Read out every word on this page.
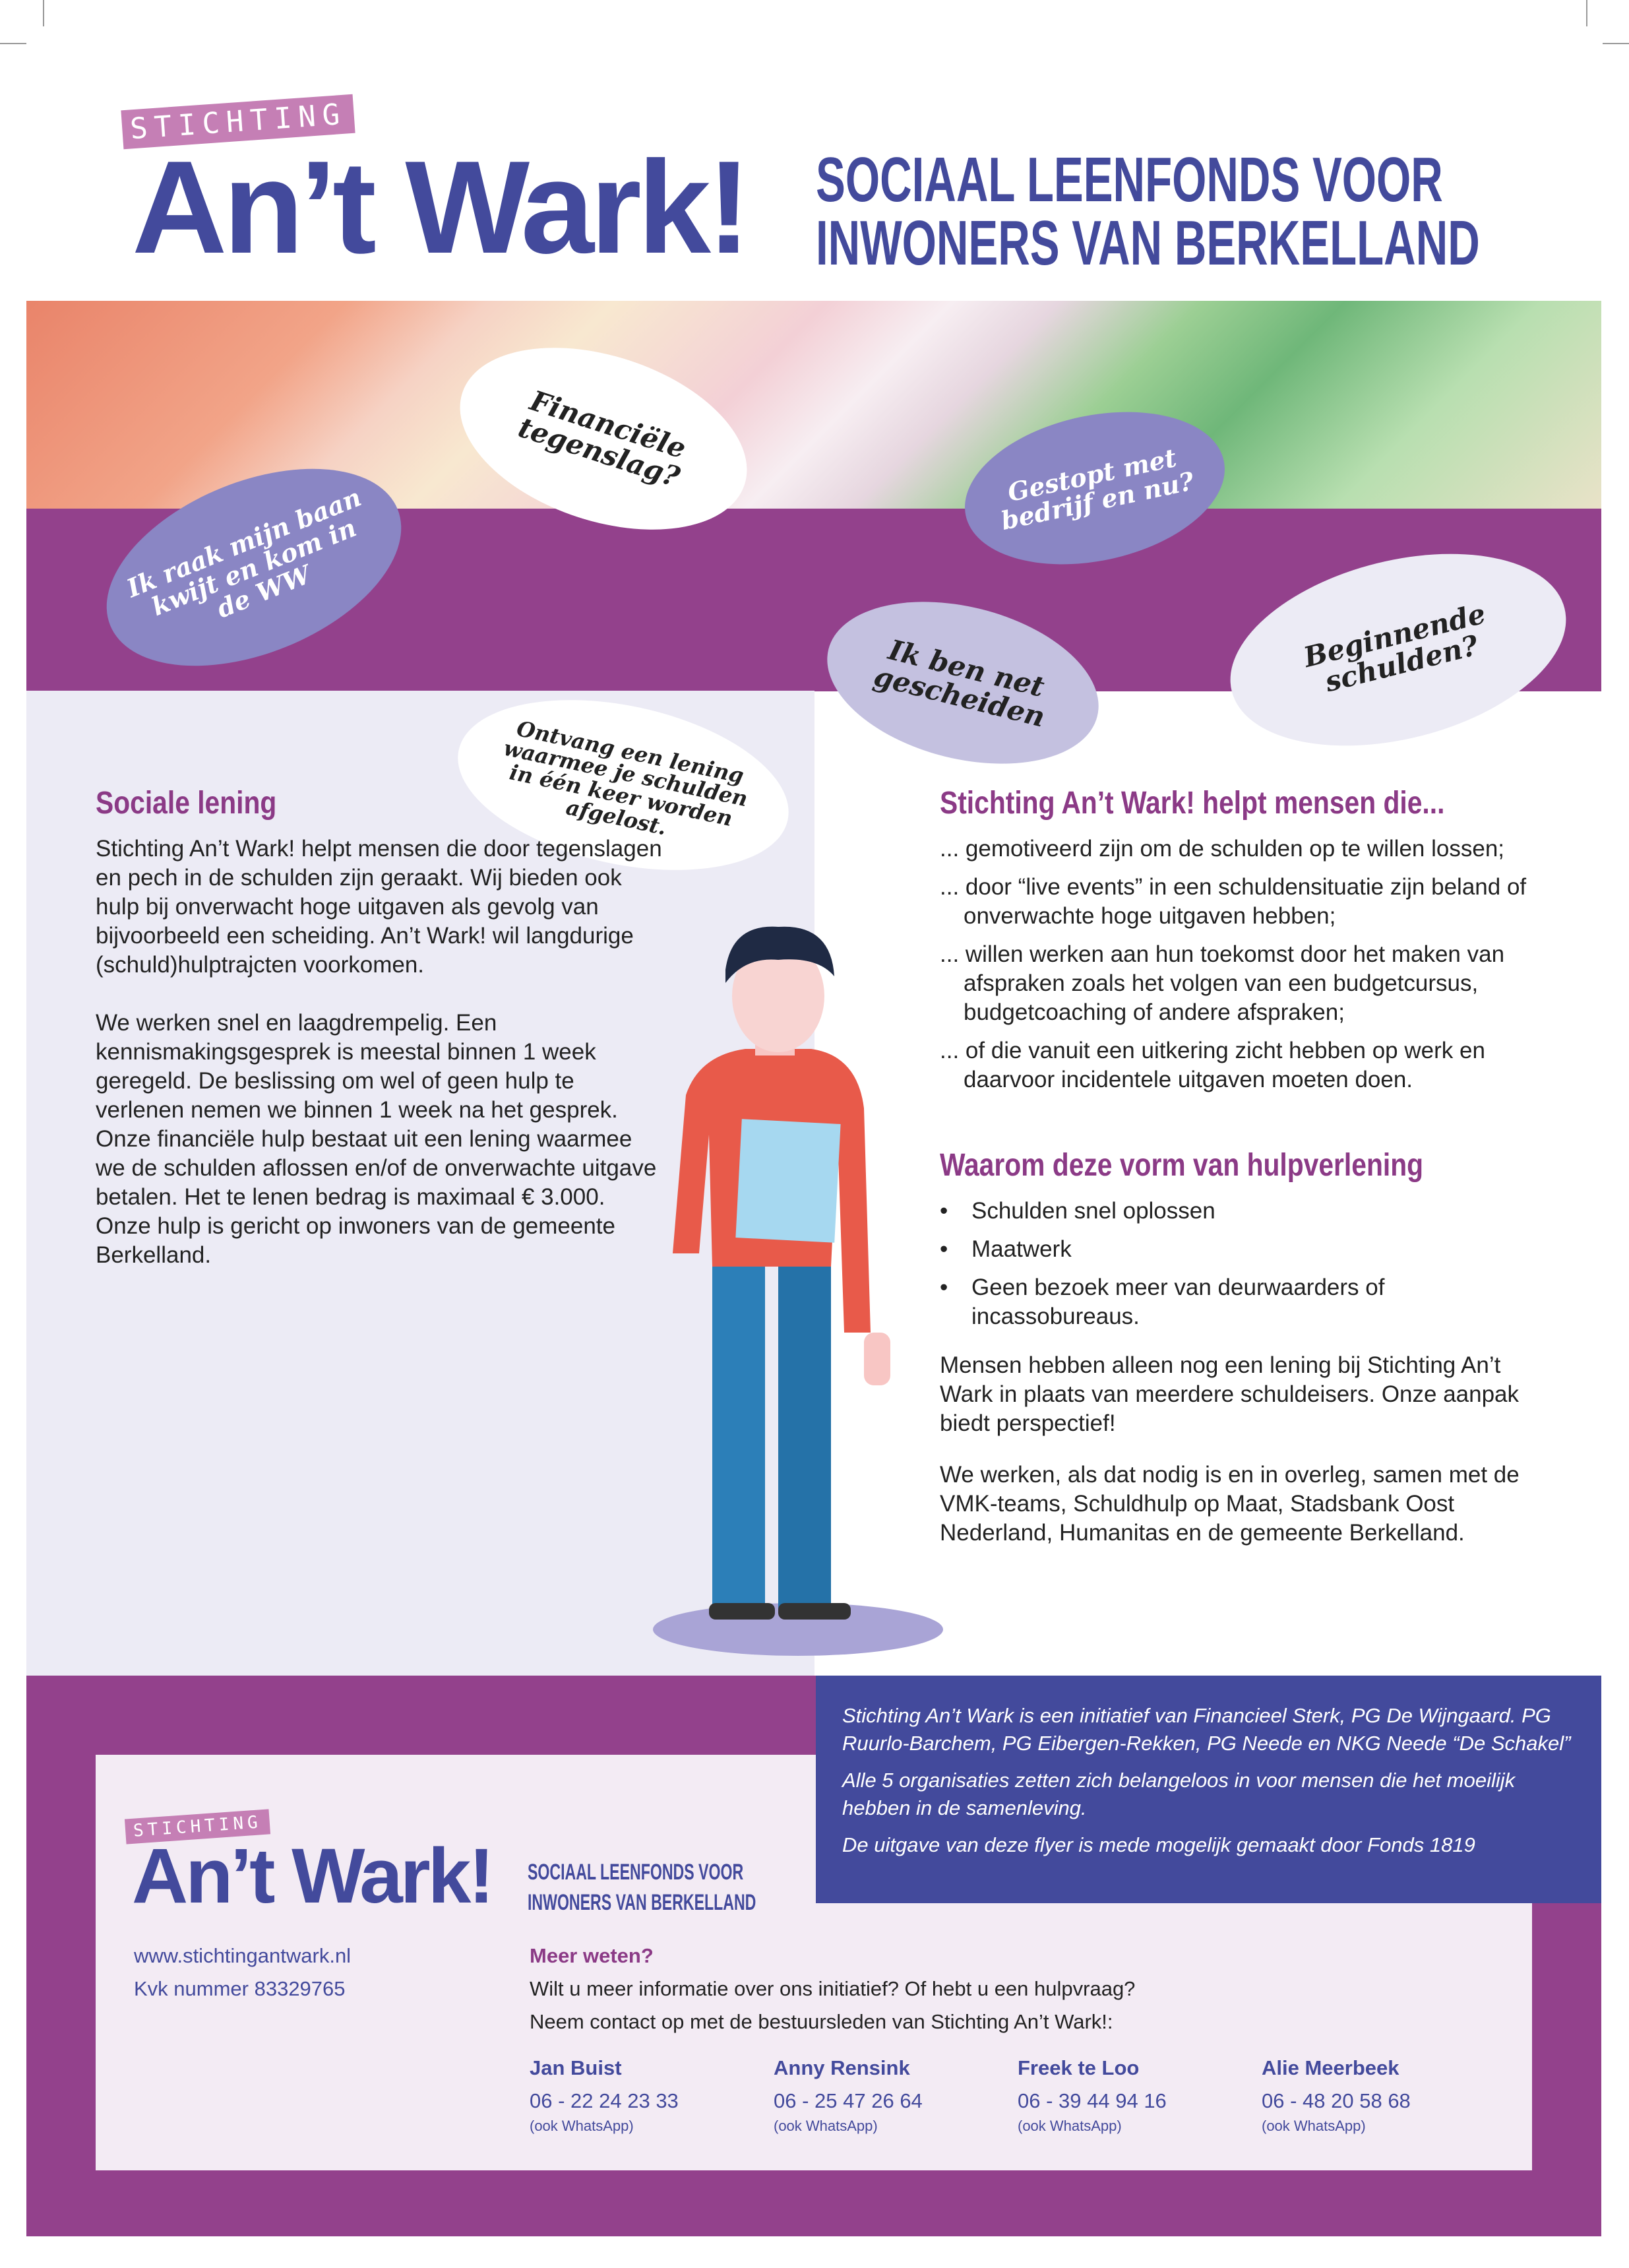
STICHTING
An’t Wark! SOCIAAL LEENFONDS VOOR
INWONERS VAN BERKELLAND
Ik raak mijn baan kwijt en kom in de WW
Financiële tegenslag?	Gestopt met bedrijf en nu?
Ik ben net gescheiden
Beginnende schulden?
Ontvang een lening waarmee je schulden in één keer worden afgelost.
Sociale lening

Stichting An’t Wark! helpt mensen die door tegenslagen en pech in de schulden zijn geraakt. Wij bieden ook hulp bij onverwacht hoge uitgaven als gevolg van bijvoorbeeld een scheiding. An’t Wark! wil langdurige (schuld)hulptrajcten voorkomen.

We werken snel en laagdrempelig. Een kennismakingsgesprek is meestal binnen 1 week geregeld. De beslissing om wel of geen hulp te verlenen nemen we binnen 1 week na het gesprek. Onze financiële hulp bestaat uit een lening waarmee we de schulden aflossen en/of de onverwachte uitgave betalen. Het te lenen bedrag is maximaal € 3.000. Onze hulp is gericht op inwoners van de gemeente Berkelland.

Stichting An’t Wark! helpt mensen die...

... gemotiveerd zijn om de schulden op te willen lossen;

... door “live events” in een schuldensituatie zijn beland of onverwachte hoge uitgaven hebben;

... willen werken aan hun toekomst door het maken van afspraken zoals het volgen van een budgetcursus, budgetcoaching of andere afspraken;

... of die vanuit een uitkering zicht hebben op werk en daarvoor incidentele uitgaven moeten doen.

Waarom deze vorm van hulpverlening

• Schulden snel oplossen

• Maatwerk

• Geen bezoek meer van deurwaarders of incassobureaus.

Mensen hebben alleen nog een lening bij Stichting An’t Wark in plaats van meerdere schuldeisers. Onze aanpak biedt perspectief!

We werken, als dat nodig is en in overleg, samen met de VMK-teams, Schuldhulp op Maat, Stadsbank Oost Nederland, Humanitas en de gemeente Berkelland.

Stichting An’t Wark is een initiatief van Financieel Sterk, PG De Wijngaard. PG Ruurlo-Barchem, PG Eibergen-Rekken, PG Neede en NKG Neede “De Schakel”

Alle 5 organisaties zetten zich belangeloos in voor mensen die het moeilijk hebben in de samenleving.

De uitgave van deze flyer is mede mogelijk gemaakt door Fonds 1819

STICHTING
An’t Wark! SOCIAAL LEENFONDS VOOR
INWONERS VAN BERKELLAND
www.stichtingantwark.nl
Kvk nummer 83329765
Meer weten?
Wilt u meer informatie over ons initiatief? Of hebt u een hulpvraag?
Neem contact op met de bestuursleden van Stichting An’t Wark!:
Jan Buist
06 - 22 24 23 33
(ook WhatsApp)
Anny Rensink
06 - 25 47 26 64
(ook WhatsApp)
Freek te Loo
06 - 39 44 94 16
(ook WhatsApp)
Alie Meerbeek
06 - 48 20 58 68
(ook WhatsApp)
